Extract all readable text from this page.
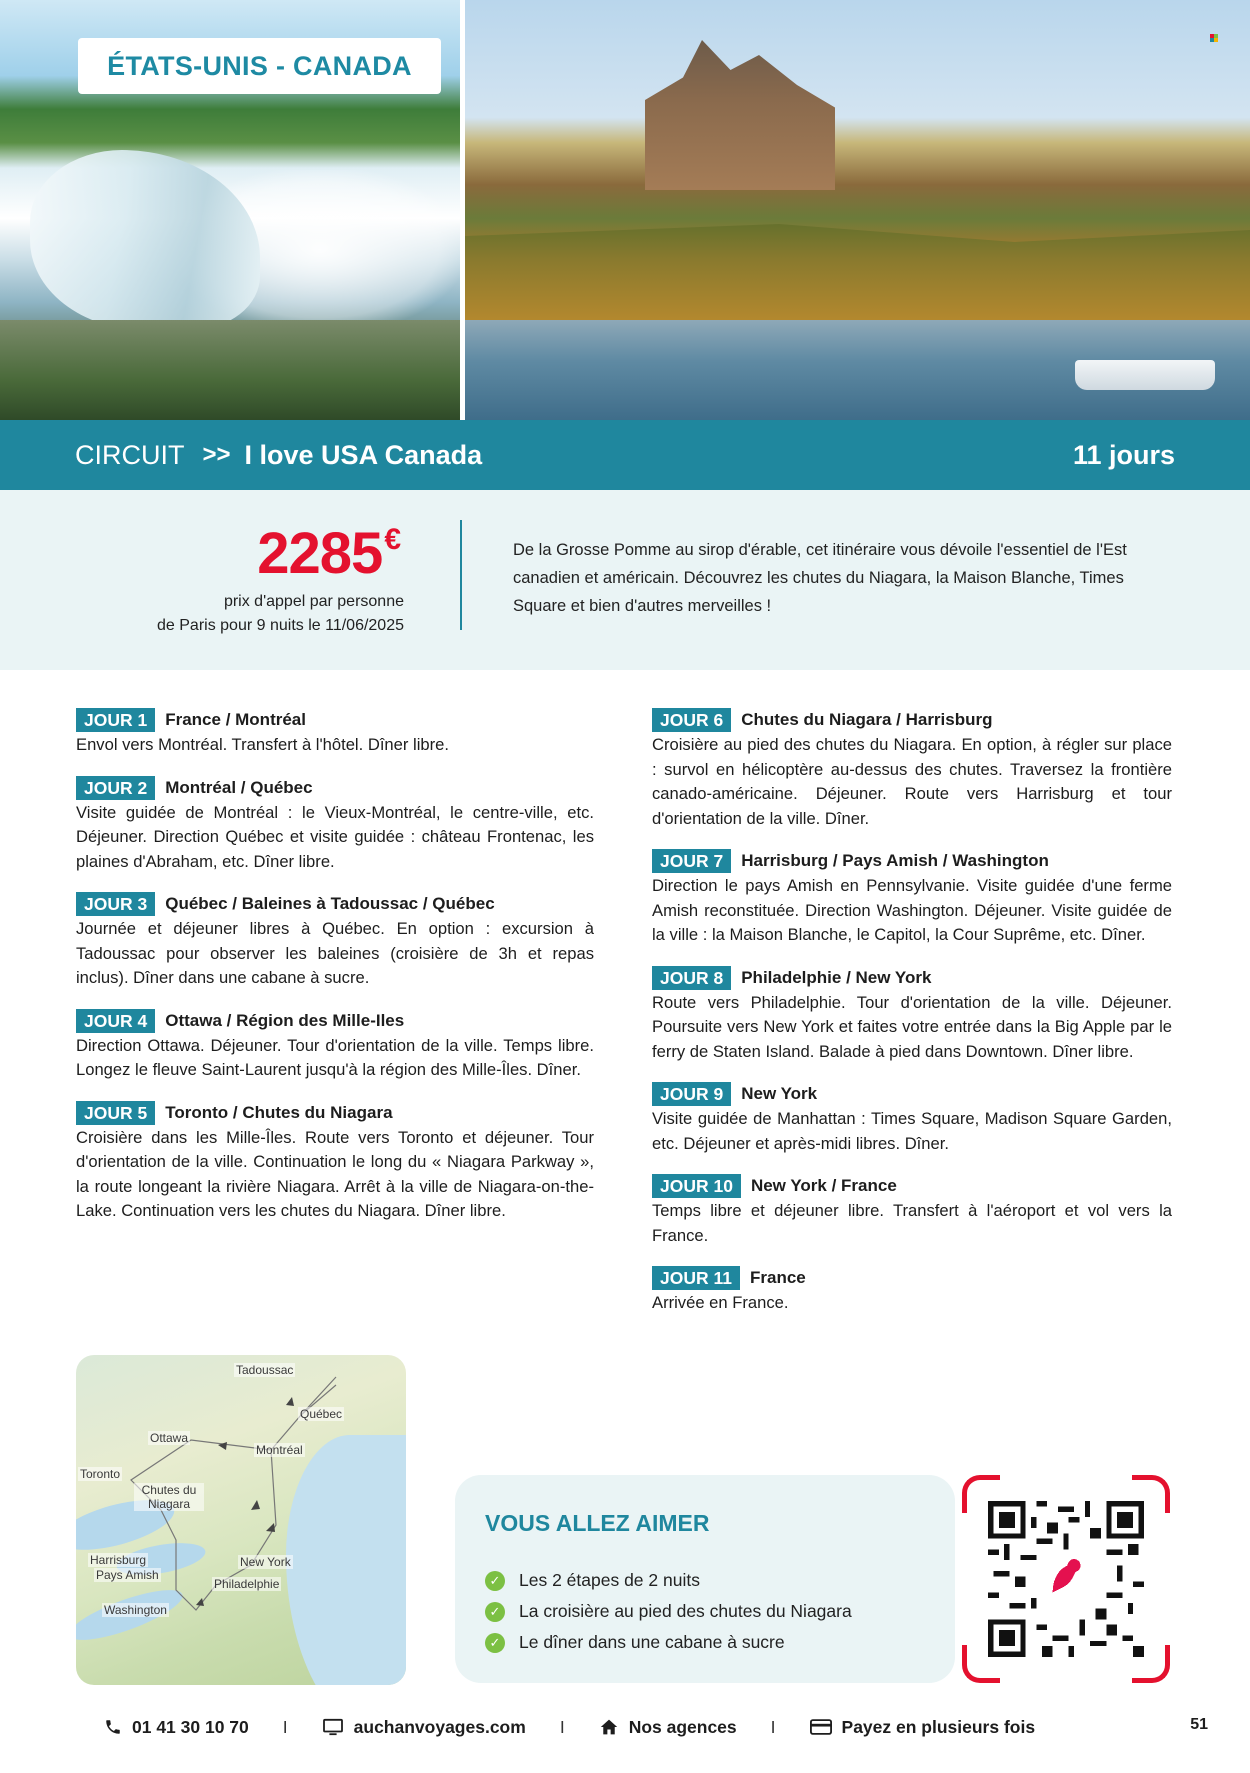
ÉTATS-UNIS - CANADA
CIRCUIT >> I love USA Canada	11 jours
2285€
prix d'appel par personne
de Paris pour 9 nuits le 11/06/2025

De la Grosse Pomme au sirop d'érable, cet itinéraire vous dévoile l'essentiel de l'Est canadien et américain. Découvrez les chutes du Niagara, la Maison Blanche, Times Square et bien d'autres merveilles !

JOUR 1	France / Montréal

Envol vers Montréal. Transfert à l'hôtel. Dîner libre.

JOUR 2	Montréal / Québec

Visite guidée de Montréal : le Vieux-Montréal, le centre-ville, etc. Déjeuner. Direction Québec et visite guidée : château Frontenac, les plaines d'Abraham, etc. Dîner libre.

JOUR 3	Québec / Baleines à Tadoussac / Québec

Journée et déjeuner libres à Québec. En option : excursion à Tadoussac pour observer les baleines (croisière de 3h et repas inclus). Dîner dans une cabane à sucre.

JOUR 4	Ottawa / Région des Mille-Iles

Direction Ottawa. Déjeuner. Tour d'orientation de la ville. Temps libre. Longez le fleuve Saint-Laurent jusqu'à la région des Mille-Îles. Dîner.

JOUR 5	Toronto / Chutes du Niagara

Croisière dans les Mille-Îles. Route vers Toronto et déjeuner. Tour d'orientation de la ville. Continuation le long du « Niagara Parkway », la route longeant la rivière Niagara. Arrêt à la ville de Niagara-on-the-Lake. Continuation vers les chutes du Niagara. Dîner libre.

JOUR 6	Chutes du Niagara / Harrisburg

Croisière au pied des chutes du Niagara. En option, à régler sur place : survol en hélicoptère au-dessus des chutes. Traversez la frontière canado-américaine. Déjeuner. Route vers Harrisburg et tour d'orientation de la ville. Dîner.

JOUR 7	Harrisburg / Pays Amish / Washington

Direction le pays Amish en Pennsylvanie. Visite guidée d'une ferme Amish reconstituée. Direction Washington. Déjeuner. Visite guidée de la ville : la Maison Blanche, le Capitol, la Cour Suprême, etc. Dîner.

JOUR 8	Philadelphie / New York

Route vers Philadelphie. Tour d'orientation de la ville. Déjeuner. Poursuite vers New York et faites votre entrée dans la Big Apple par le ferry de Staten Island. Balade à pied dans Downtown. Dîner libre.

JOUR 9	New York

Visite guidée de Manhattan : Times Square, Madison Square Garden, etc. Déjeuner et après-midi libres. Dîner.

JOUR 10	New York / France

Temps libre et déjeuner libre. Transfert à l'aéroport et vol vers la France.

JOUR 11	France

Arrivée en France.

Tadoussac
Québec
Ottawa
Montréal
Toronto
Chutes du Niagara
Harrisburg
Pays Amish
New York
Philadelphie
Washington
VOUS ALLEZ AIMER
✓ Les 2 étapes de 2 nuits
✓ La croisière au pied des chutes du Niagara
✓ Le dîner dans une cabane à sucre
01 41 30 10 70 I	auchanvoyages.com I	Nos agences I	Payez en plusieurs fois	51
